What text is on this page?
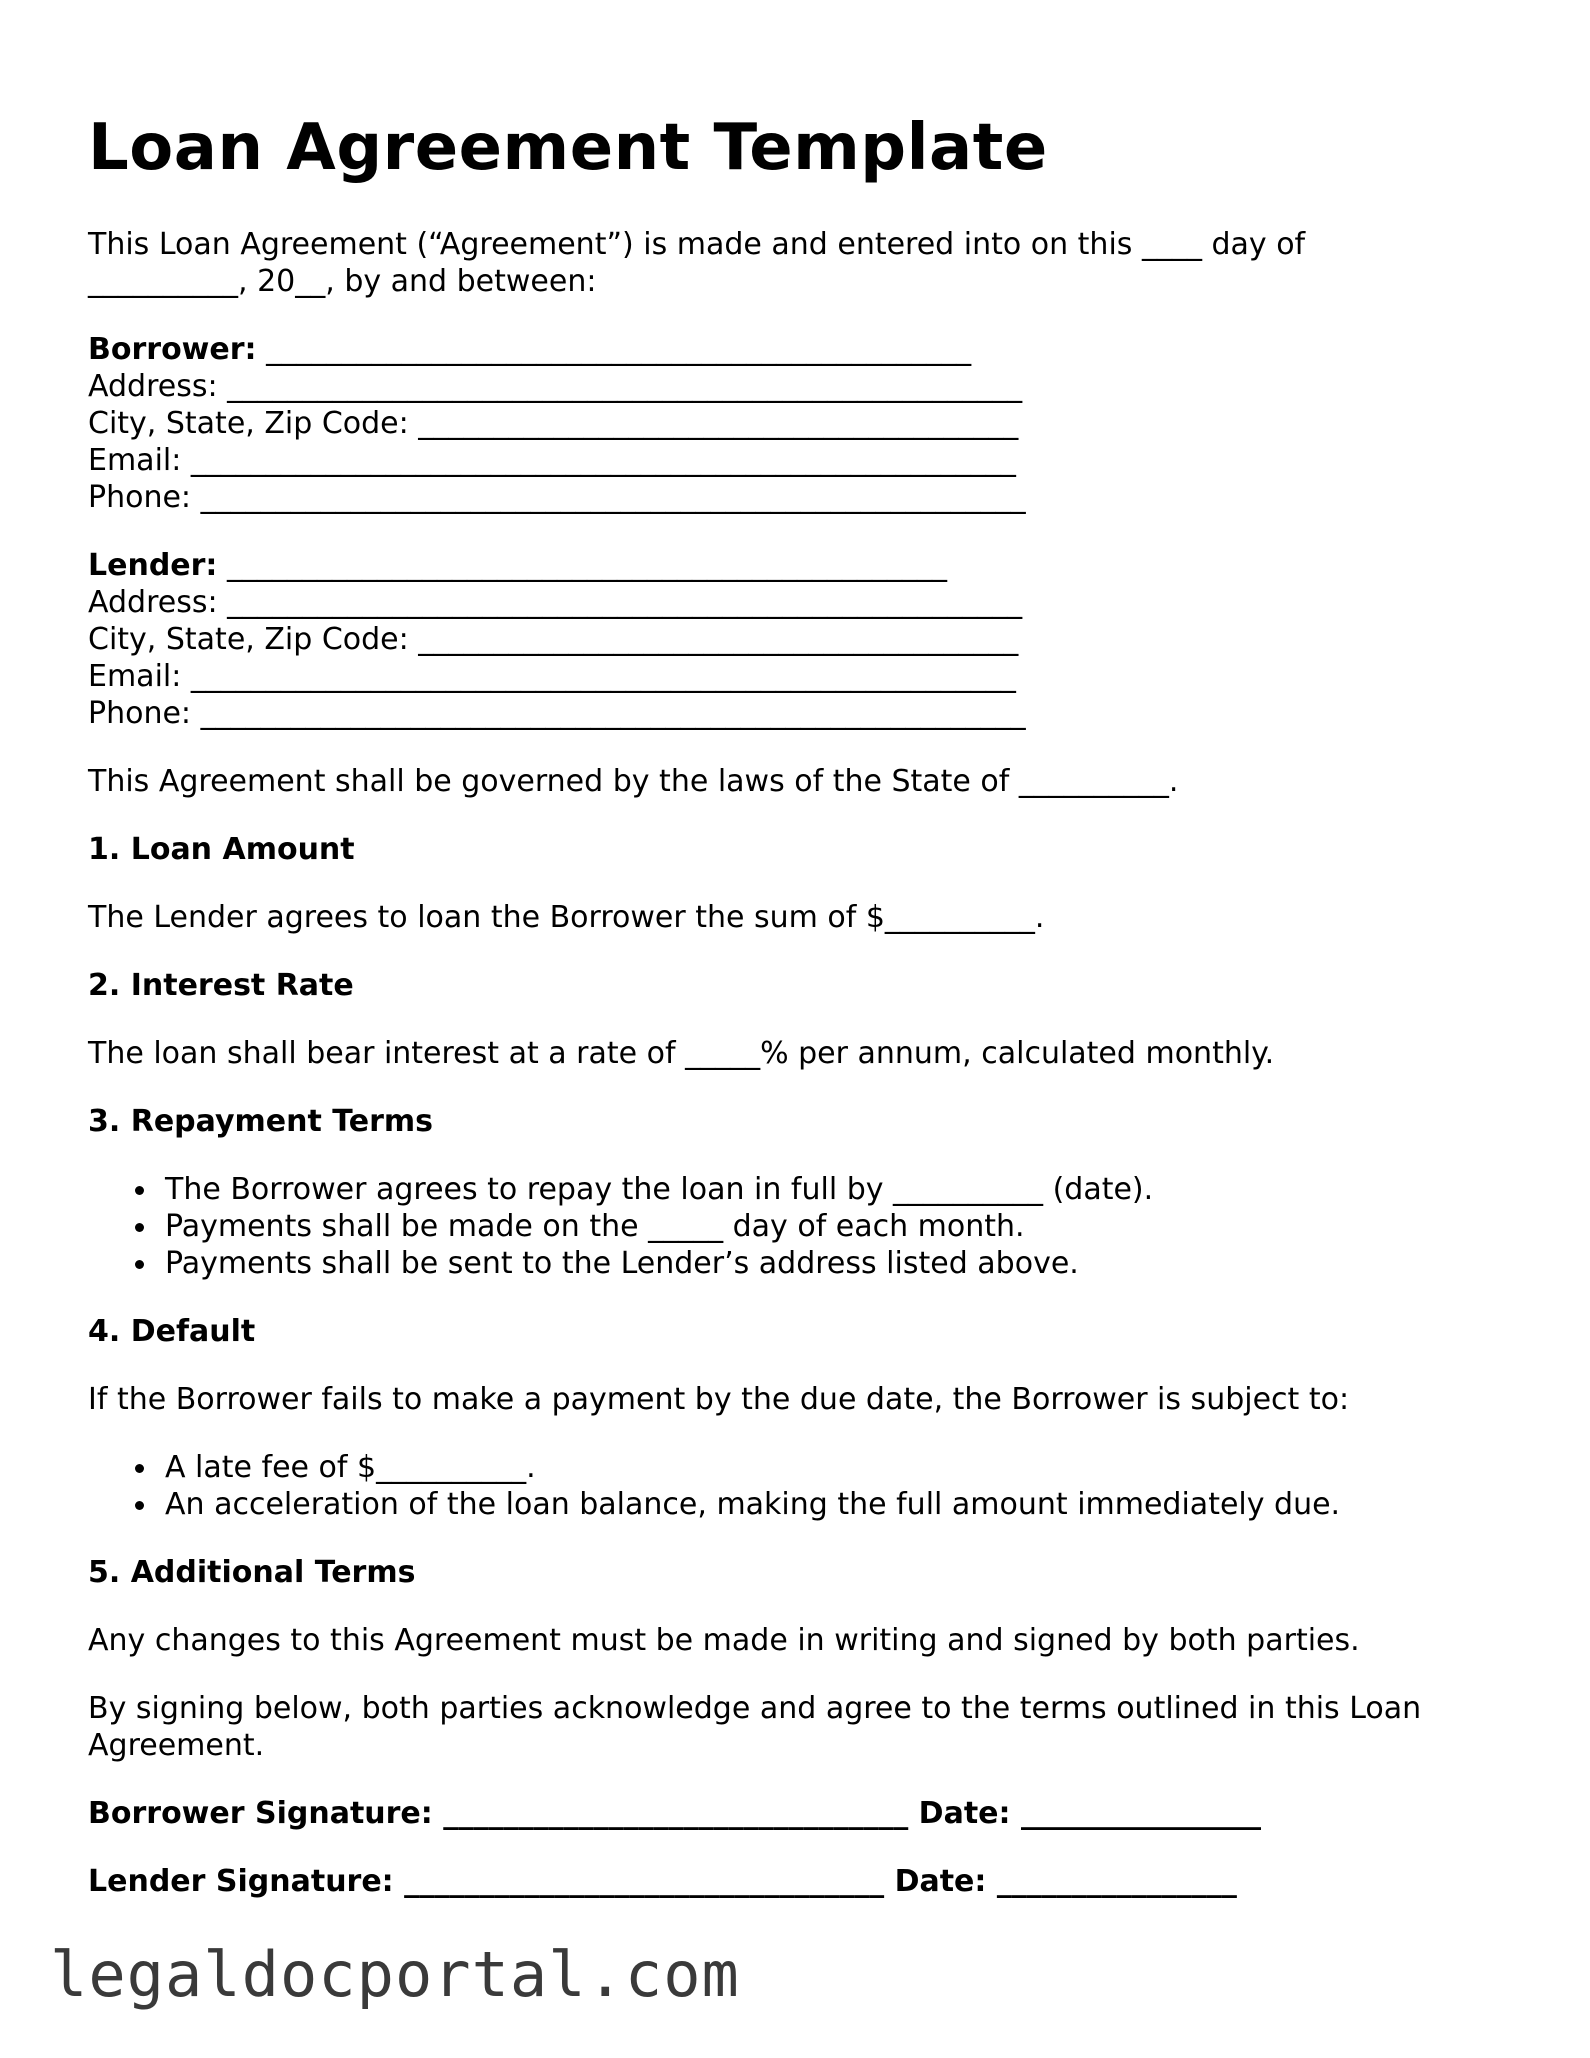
Loan Agreement Template

This Loan Agreement (“Agreement”) is made and entered into on this ____ day of

__________, 20__, by and between:

Borrower: _______________________________________________

Address: _____________________________________________________

City, State, Zip Code: ________________________________________

Email: _______________________________________________________

Phone: _______________________________________________________

Lender: ________________________________________________

Address: _____________________________________________________

City, State, Zip Code: ________________________________________

Email: _______________________________________________________

Phone: _______________________________________________________

This Agreement shall be governed by the laws of the State of __________.

1. Loan Amount

The Lender agrees to loan the Borrower the sum of $__________.

2. Interest Rate

The loan shall bear interest at a rate of _____% per annum, calculated monthly.

3. Repayment Terms
The Borrower agrees to repay the loan in full by __________ (date).
Payments shall be made on the _____ day of each month.
Payments shall be sent to the Lender’s address listed above.
4. Default

If the Borrower fails to make a payment by the due date, the Borrower is subject to:

A late fee of $__________.
An acceleration of the loan balance, making the full amount immediately due.
5. Additional Terms

Any changes to this Agreement must be made in writing and signed by both parties.

By signing below, both parties acknowledge and agree to the terms outlined in this Loan

Agreement.

Borrower Signature: _______________________________ Date: ________________

Lender Signature: ________________________________ Date: ________________

legaldocportal.com
